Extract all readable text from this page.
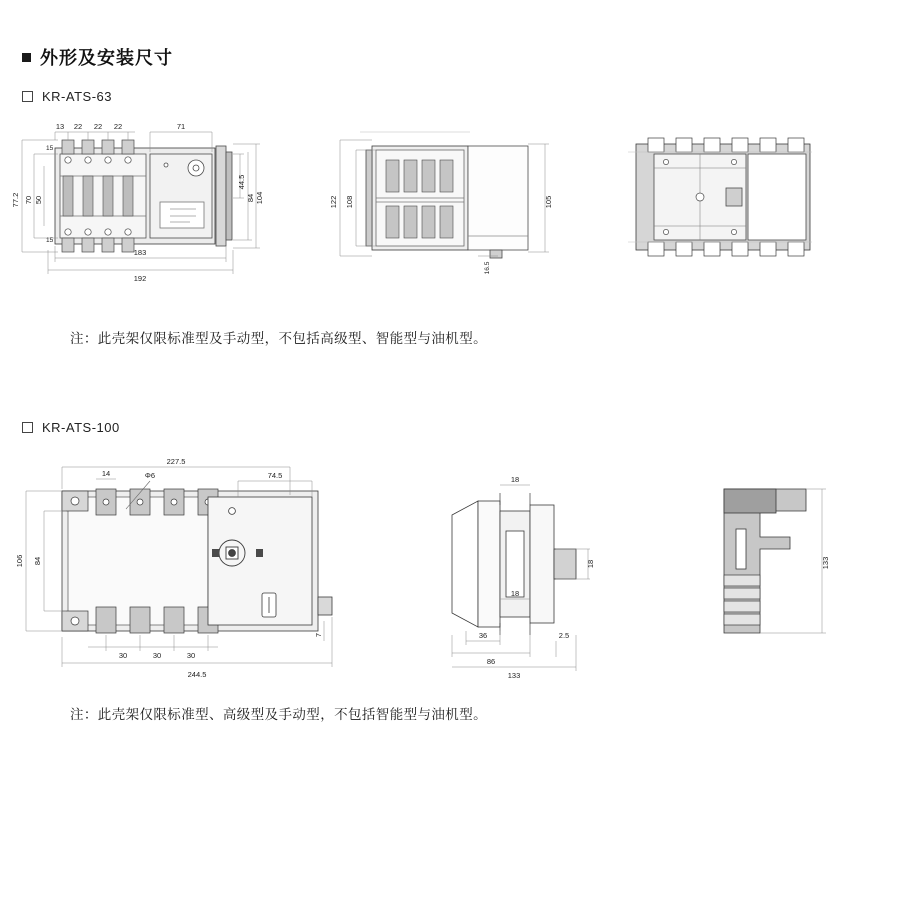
外形及安装尺寸
KR-ATS-63
13 22 22 22	71
183
192
77.2 70 50
44.5
84 104
15
15
122 108	105
16.5
注：此壳架仅限标准型及手动型，不包括高级型、智能型与油机型。
KR-ATS-100
227.5
14	Φ6	74.5
106 84
30	30	30
244.5
7
18
18
18
36
86
133
2.5
133
注：此壳架仅限标准型、高级型及手动型，不包括智能型与油机型。
